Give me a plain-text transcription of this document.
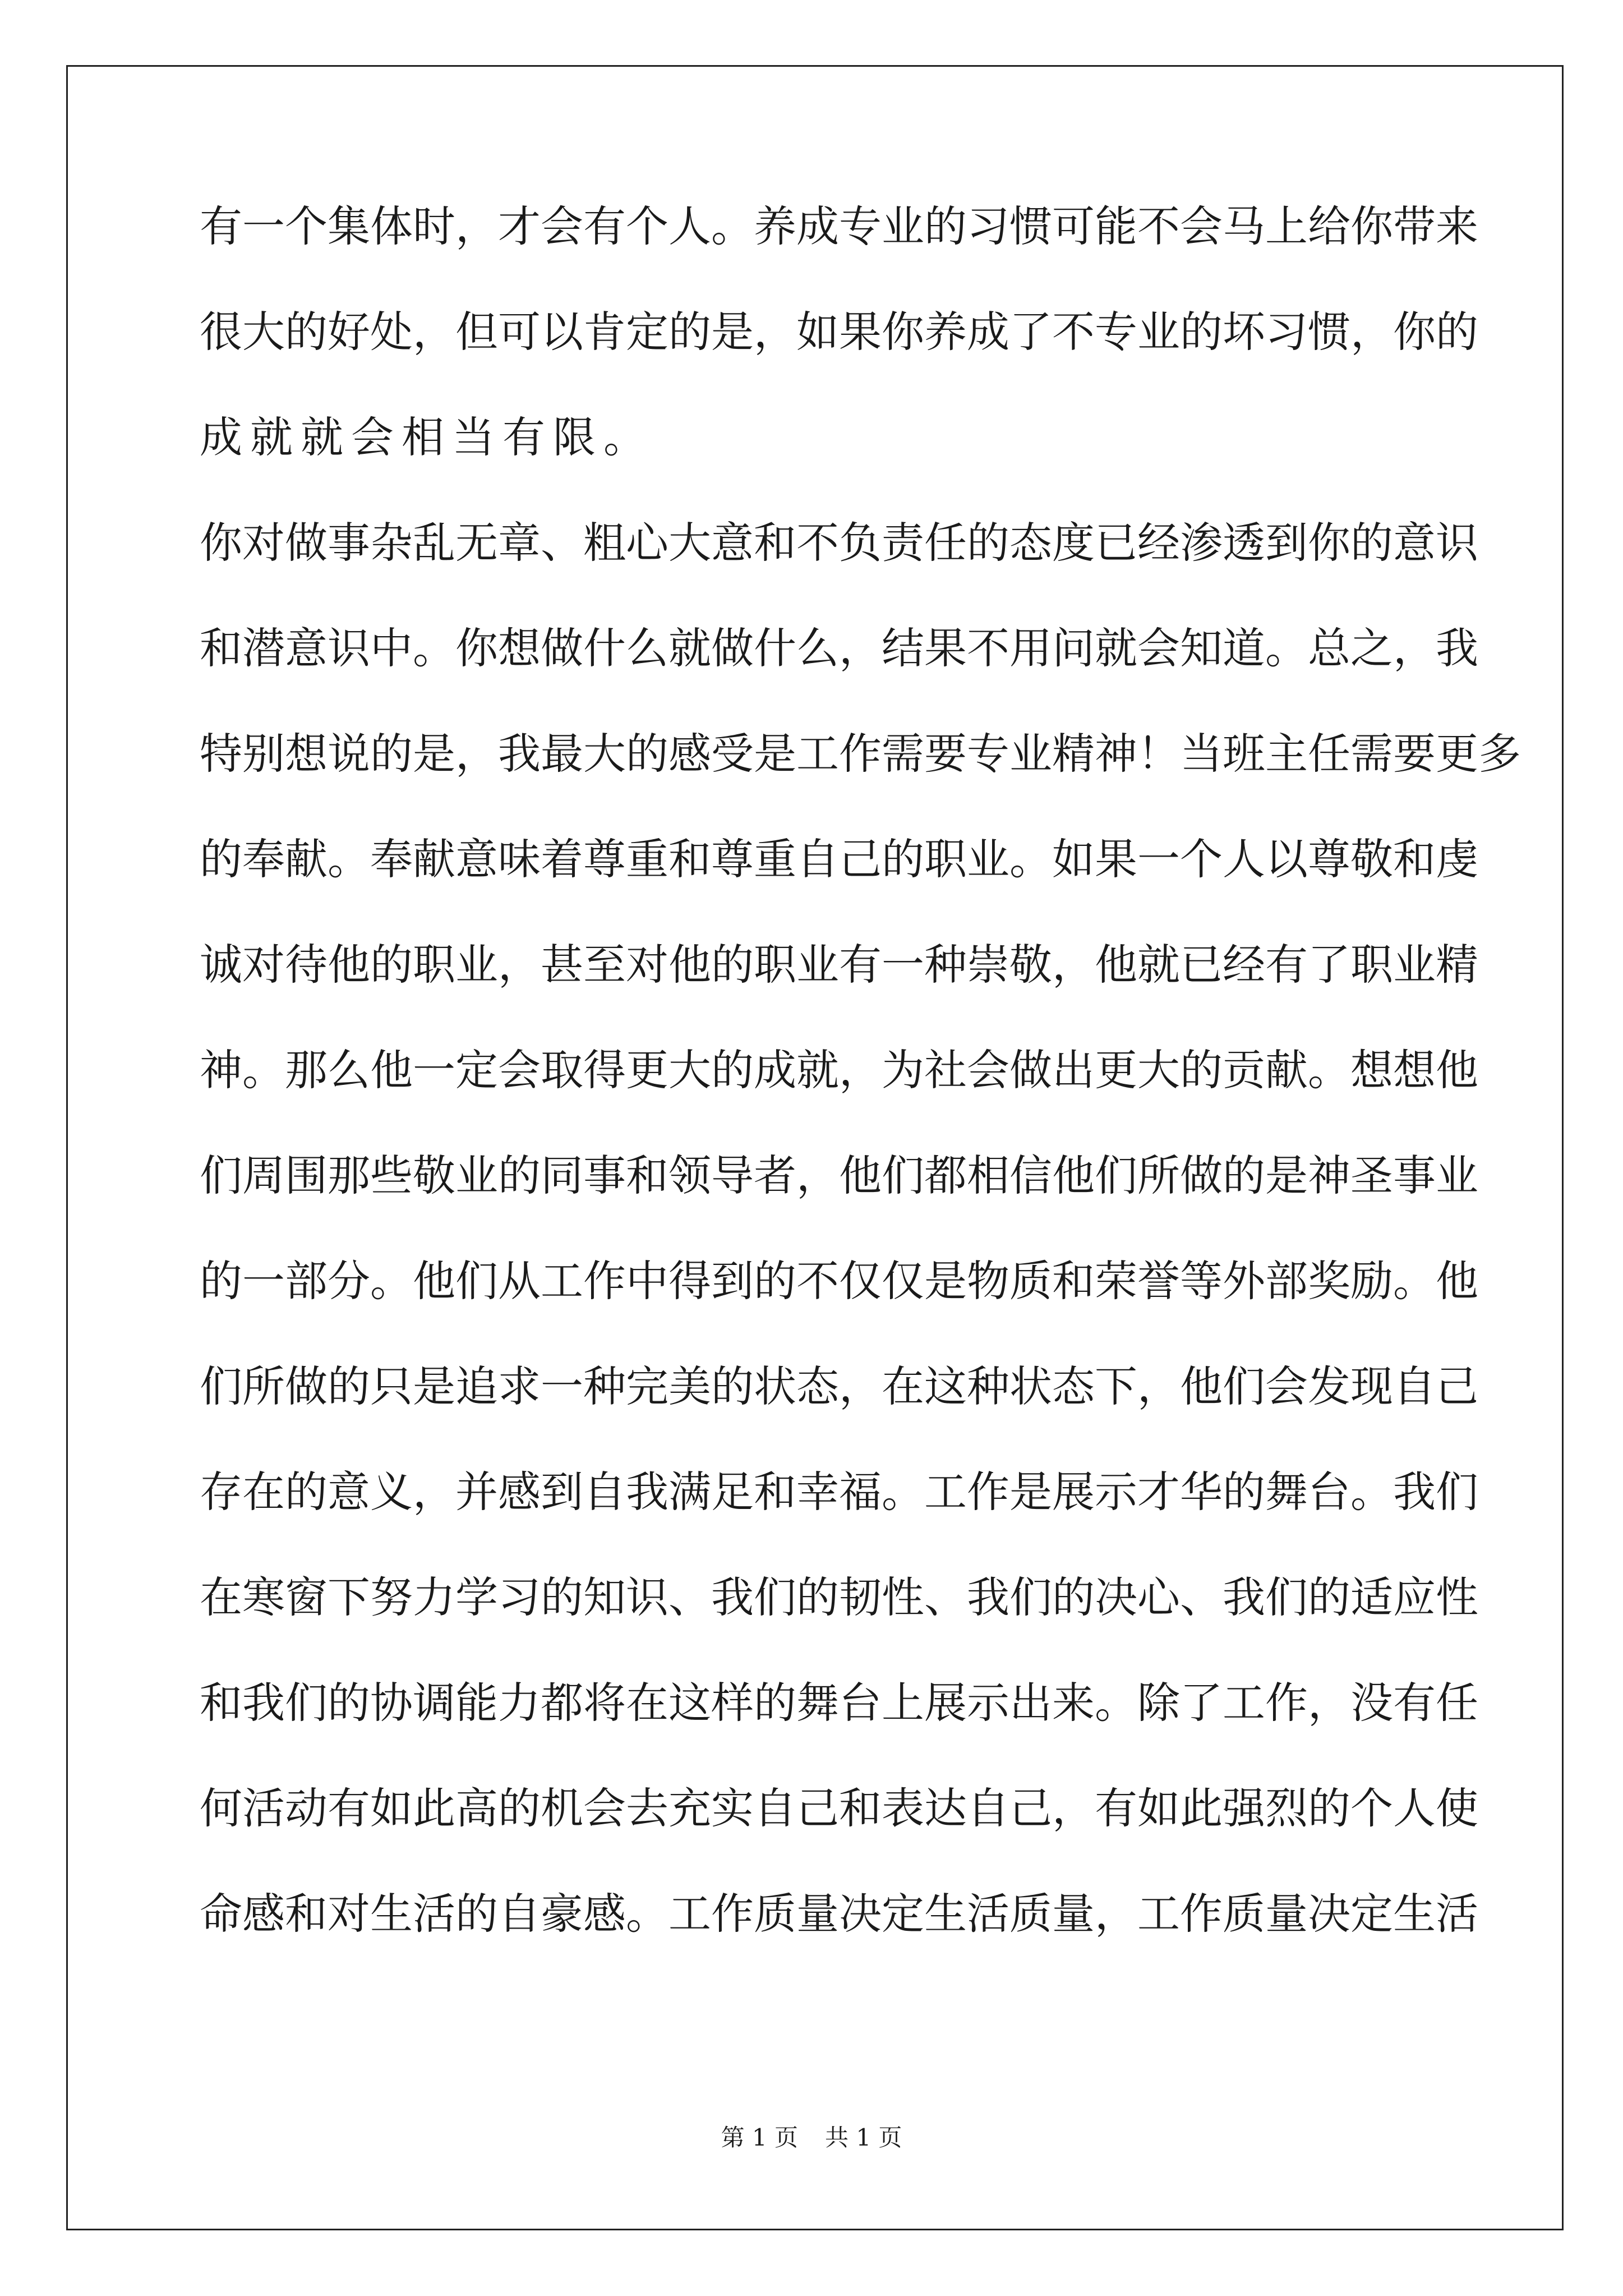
有 一 个 集 体 时 ， 才 会 有 个 人 。 养 成 专 业 的 习 惯 可 能 不 会 马 上 给 你 带 来
很 大 的 好 处 ， 但 可 以 肯 定 的 是 ， 如 果 你 养 成 了 不 专 业 的 坏 习 惯 ， 你 的
成就就会相当有限。
你 对 做 事 杂 乱 无 章 、 粗 心 大 意 和 不 负 责 任 的 态 度 已 经 渗 透 到 你 的 意 识
和 潜 意 识 中 。 你 想 做 什 么 就 做 什 么 ， 结 果 不 用 问 就 会 知 道 。 总 之 ， 我
特 别 想 说 的 是 ， 我 最 大 的 感 受 是 工 作 需 要 专 业 精 神 ！ 当 班 主 任 需 要 更 多
的 奉 献 。 奉 献 意 味 着 尊 重 和 尊 重 自 己 的 职 业 。 如 果 一 个 人 以 尊 敬 和 虔
诚 对 待 他 的 职 业 ， 甚 至 对 他 的 职 业 有 一 种 崇 敬 ， 他 就 已 经 有 了 职 业 精
神 。 那 么 他 一 定 会 取 得 更 大 的 成 就 ， 为 社 会 做 出 更 大 的 贡 献 。 想 想 他
们 周 围 那 些 敬 业 的 同 事 和 领 导 者 ， 他 们 都 相 信 他 们 所 做 的 是 神 圣 事 业
的 一 部 分 。 他 们 从 工 作 中 得 到 的 不 仅 仅 是 物 质 和 荣 誉 等 外 部 奖 励 。 他
们 所 做 的 只 是 追 求 一 种 完 美 的 状 态 ， 在 这 种 状 态 下 ， 他 们 会 发 现 自 己
存 在 的 意 义 ， 并 感 到 自 我 满 足 和 幸 福 。 工 作 是 展 示 才 华 的 舞 台 。 我 们
在 寒 窗 下 努 力 学 习 的 知 识 、 我 们 的 韧 性 、 我 们 的 决 心 、 我 们 的 适 应 性
和 我 们 的 协 调 能 力 都 将 在 这 样 的 舞 台 上 展 示 出 来 。 除 了 工 作 ， 没 有 任
何 活 动 有 如 此 高 的 机 会 去 充 实 自 己 和 表 达 自 己 ， 有 如 此 强 烈 的 个 人 使
命 感 和 对 生 活 的 自 豪 感 。 工 作 质 量 决 定 生 活 质 量 ， 工 作 质 量 决 定 生 活
第 1 页 共 1 页
